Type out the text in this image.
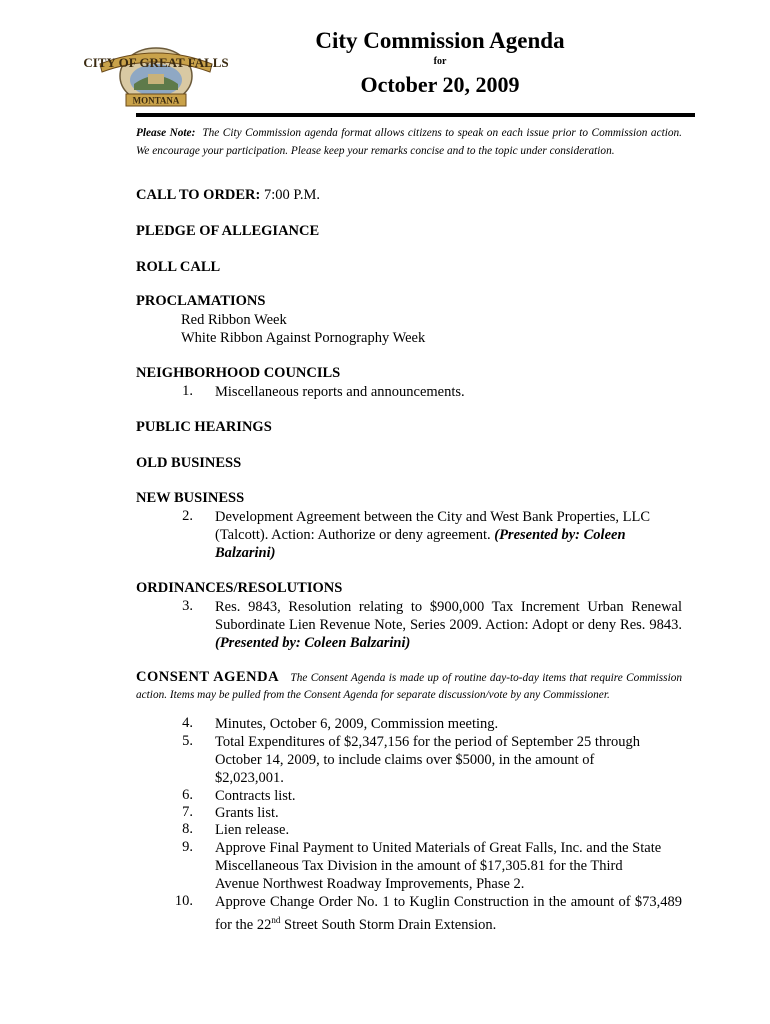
CITY OF GREAT FALLS
MONTANA
City Commission Agenda
for
October 20, 2009
Please Note: The City Commission agenda format allows citizens to speak on each issue prior to Commission action. We encourage your participation. Please keep your remarks concise and to the topic under consideration.
CALL TO ORDER: 7:00 P.M.
PLEDGE OF ALLEGIANCE
ROLL CALL
PROCLAMATIONS
Red Ribbon Week
White Ribbon Against Pornography Week
NEIGHBORHOOD COUNCILS
1. Miscellaneous reports and announcements.
PUBLIC HEARINGS
OLD BUSINESS
NEW BUSINESS
2. Development Agreement between the City and West Bank Properties, LLC (Talcott). Action: Authorize or deny agreement. (Presented by: Coleen Balzarini)
ORDINANCES/RESOLUTIONS
3. Res. 9843, Resolution relating to $900,000 Tax Increment Urban Renewal Subordinate Lien Revenue Note, Series 2009. Action: Adopt or deny Res. 9843. (Presented by: Coleen Balzarini)
CONSENT AGENDA The Consent Agenda is made up of routine day-to-day items that require Commission action. Items may be pulled from the Consent Agenda for separate discussion/vote by any Commissioner.
4. Minutes, October 6, 2009, Commission meeting.
5. Total Expenditures of $2,347,156 for the period of September 25 through October 14, 2009, to include claims over $5000, in the amount of $2,023,001.
6. Contracts list.
7. Grants list.
8. Lien release.
9. Approve Final Payment to United Materials of Great Falls, Inc. and the State Miscellaneous Tax Division in the amount of $17,305.81 for the Third Avenue Northwest Roadway Improvements, Phase 2.
10. Approve Change Order No. 1 to Kuglin Construction in the amount of $73,489 for the 22nd Street South Storm Drain Extension.
